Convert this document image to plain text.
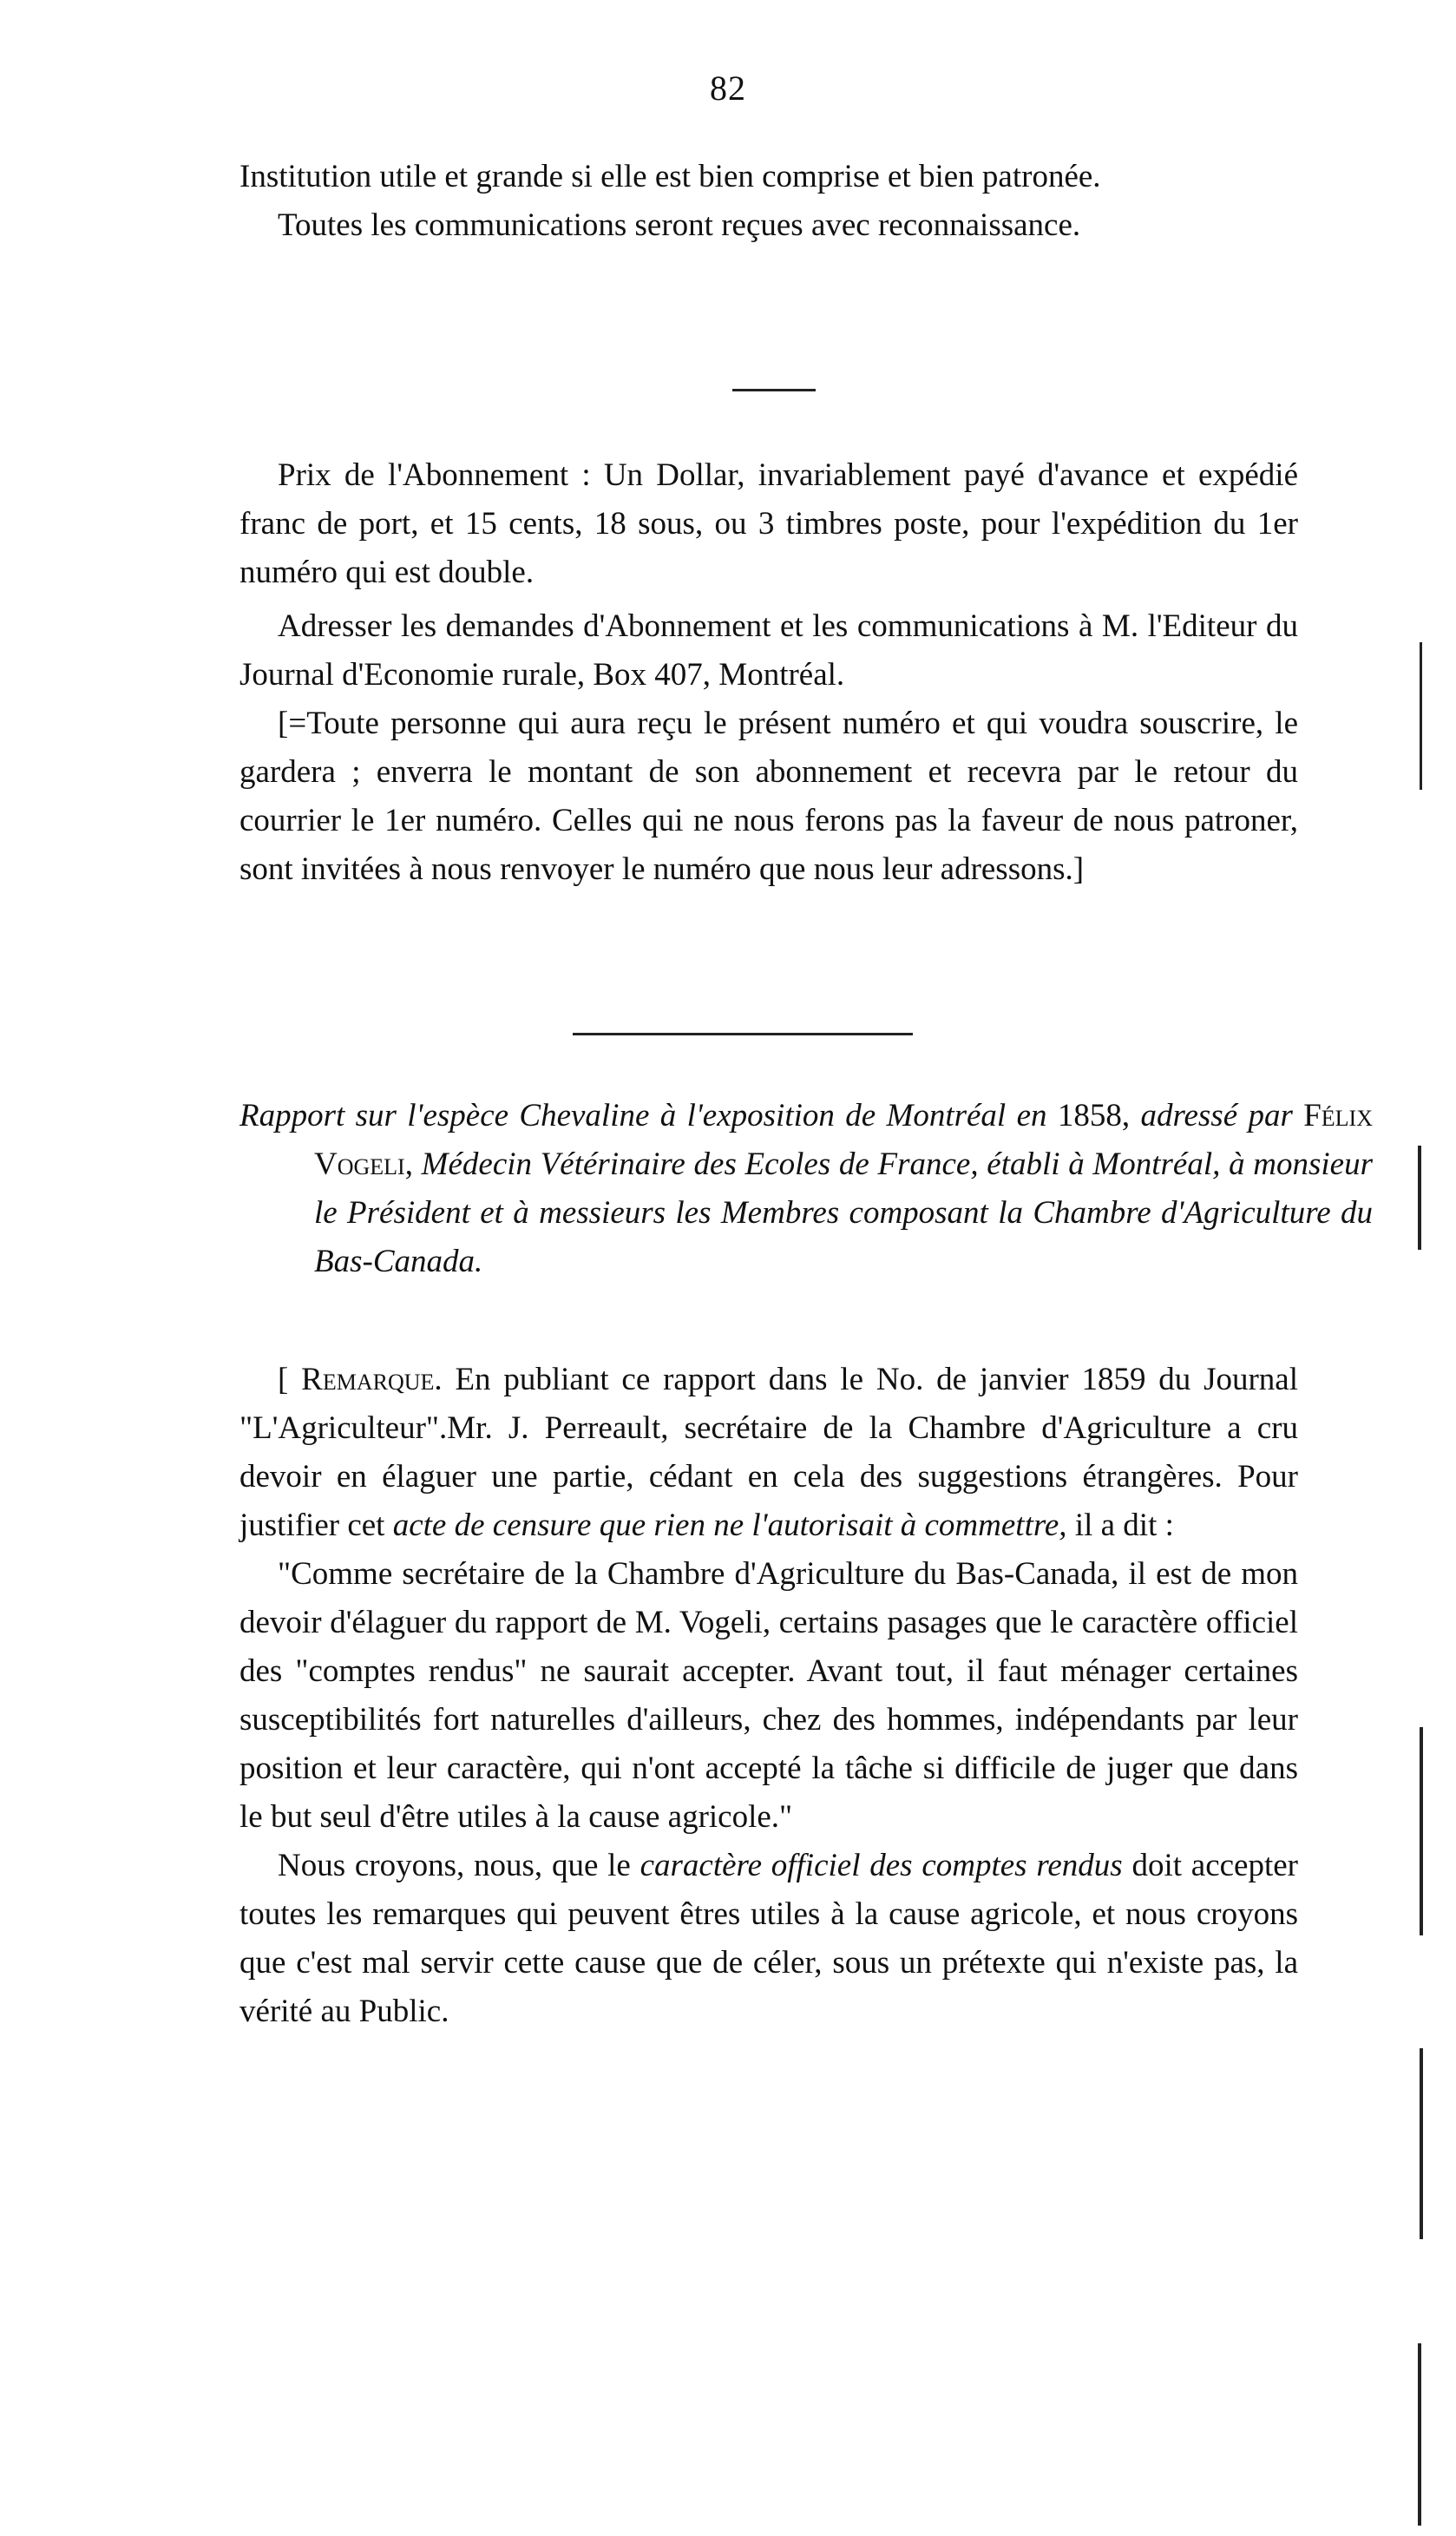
82

Institution utile et grande si elle est bien comprise et bien patronée.

Toutes les communications seront reçues avec reconnaissance.

Prix de l'Abonnement : Un Dollar, invariablement payé d'avance et expédié franc de port, et 15 cents, 18 sous, ou 3 timbres poste, pour l'expédition du 1er numéro qui est double.

Adresser les demandes d'Abonnement et les communications à M. l'Editeur du Journal d'Economie rurale, Box 407, Montréal.

[=Toute personne qui aura reçu le présent numéro et qui voudra souscrire, le gardera ; enverra le montant de son abonnement et recevra par le retour du courrier le 1er numéro. Celles qui ne nous ferons pas la faveur de nous patroner, sont invitées à nous renvoyer le numéro que nous leur adressons.]

Rapport sur l'espèce Chevaline à l'exposition de Montréal en 1858, adressé par Félix Vogeli, Médecin Vétérinaire des Ecoles de France, établi à Montréal, à monsieur le Président et à messieurs les Membres composant la Chambre d'Agriculture du Bas-Canada.

[ Remarque. En publiant ce rapport dans le No. de janvier 1859 du Journal "L'Agriculteur".Mr. J. Perreault, secrétaire de la Chambre d'Agriculture a cru devoir en élaguer une partie, cédant en cela des suggestions étrangères. Pour justifier cet acte de censure que rien ne l'autorisait à commettre, il a dit :

"Comme secrétaire de la Chambre d'Agriculture du Bas-Canada, il est de mon devoir d'élaguer du rapport de M. Vogeli, certains pasages que le caractère officiel des "comptes rendus" ne saurait accepter. Avant tout, il faut ménager certaines susceptibilités fort naturelles d'ailleurs, chez des hommes, indépendants par leur position et leur caractère, qui n'ont accepté la tâche si difficile de juger que dans le but seul d'être utiles à la cause agricole."

Nous croyons, nous, que le caractère officiel des comptes rendus doit accepter toutes les remarques qui peuvent êtres utiles à la cause agricole, et nous croyons que c'est mal servir cette cause que de céler, sous un prétexte qui n'existe pas, la vérité au Public.
